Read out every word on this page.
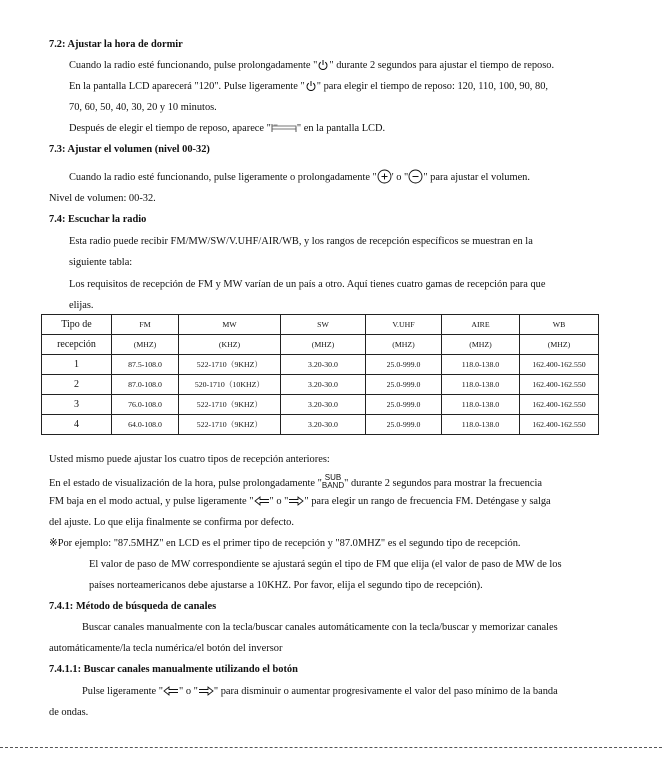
7.2: Ajustar la hora de dormir
Cuando la radio esté funcionando, pulse prolongadamente " " durante 2 segundos para ajustar el tiempo de reposo.
En la pantalla LCD aparecerá "120". Pulse ligeramente " " para elegir el tiempo de reposo: 120, 110, 100, 90, 80,
70, 60, 50, 40, 30, 20 y 10 minutos.
Después de elegir el tiempo de reposo, aparece "	" en la pantalla LCD.
7.3: Ajustar el volumen (nivel 00-32)
Cuando la radio esté funcionando, pulse ligeramente o prolongadamente " ' o " " para ajustar el volumen.
Nivel de volumen: 00-32.
7.4: Escuchar la radio
Esta radio puede recibir FM/MW/SW/V.UHF/AIR/WB, y los rangos de recepción específicos se muestran en la
siguiente tabla:
Los requisitos de recepción de FM y MW varían de un país a otro. Aquí tienes cuatro gamas de recepción para que
elijas.
Tipo de	FM	MW	SW	V.UHF	AIRE	WB
recepción	(MHZ)	(KHZ)	(MHZ)	(MHZ)	(MHZ)	(MHZ)
1	87.5-108.0	522-1710（9KHZ）	3.20-30.0	25.0-999.0	118.0-138.0	162.400-162.550
2	87.0-108.0	520-1710（10KHZ）	3.20-30.0	25.0-999.0	118.0-138.0	162.400-162.550
3	76.0-108.0	522-1710（9KHZ）	3.20-30.0	25.0-999.0	118.0-138.0	162.400-162.550
4	64.0-108.0	522-1710（9KHZ）	3.20-30.0	25.0-999.0	118.0-138.0	162.400-162.550
Usted mismo puede ajustar los cuatro tipos de recepción anteriores:
En el estado de visualización de la hora, pulse prolongadamente "
SUB
BAND " durante 2 segundos para mostrar la frecuencia
FM baja en el modo actual, y pulse ligeramente " " o " " para elegir un rango de frecuencia FM. Deténgase y salga
del ajuste. Lo que elija finalmente se confirma por defecto.
※Por ejemplo: "87.5MHZ" en LCD es el primer tipo de recepción y "87.0MHZ" es el segundo tipo de recepción.
El valor de paso de MW correspondiente se ajustará según el tipo de FM que elija (el valor de paso de MW de los
países norteamericanos debe ajustarse a 10KHZ. Por favor, elija el segundo tipo de recepción).
7.4.1: Método de búsqueda de canales
Buscar canales manualmente con la tecla/buscar canales automáticamente con la tecla/buscar y memorizar canales
automáticamente/la tecla numérica/el botón del inversor
7.4.1.1: Buscar canales manualmente utilizando el botón
Pulse ligeramente " " o " " para disminuir o aumentar progresivamente el valor del paso mínimo de la banda
de ondas.
